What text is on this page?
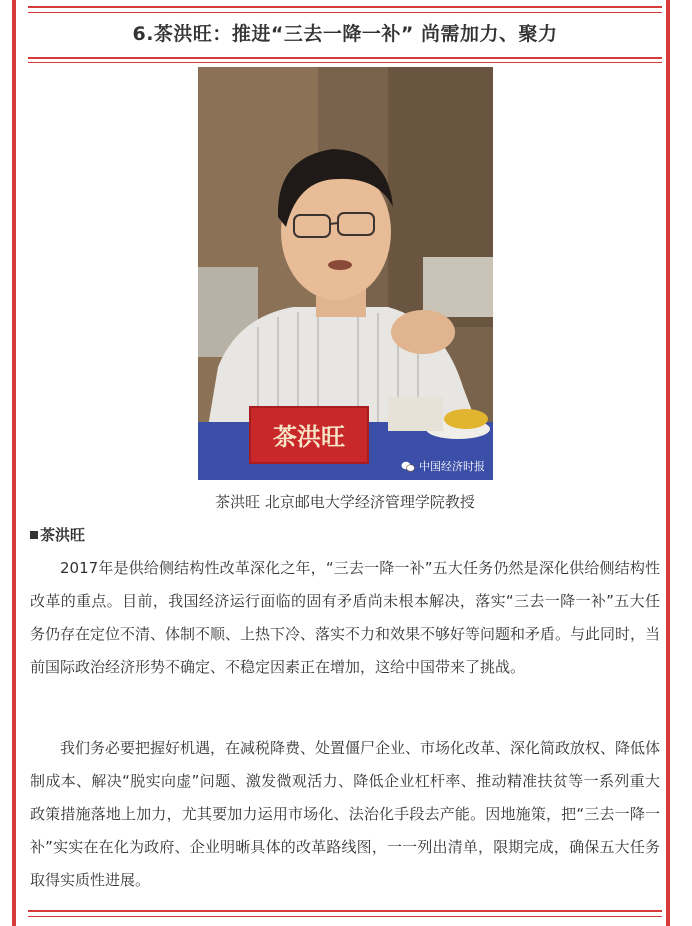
6.茶洪旺：推进“三去一降一补” 尚需加力、聚力
茶洪旺
中国经济时报
茶洪旺 北京邮电大学经济管理学院教授
茶洪旺

2017年是供给侧结构性改革深化之年，“三去一降一补”五大任务仍然是深化供给侧结构性改革的重点。目前，我国经济运行面临的固有矛盾尚未根本解决，落实“三去一降一补”五大任务仍存在定位不清、体制不顺、上热下冷、落实不力和效果不够好等问题和矛盾。与此同时，当前国际政治经济形势不确定、不稳定因素正在增加，这给中国带来了挑战。

我们务必要把握好机遇，在减税降费、处置僵尸企业、市场化改革、深化简政放权、降低体制成本、解决“脱实向虚”问题、激发微观活力、降低企业杠杆率、推动精准扶贫等一系列重大政策措施落地上加力，尤其要加力运用市场化、法治化手段去产能。因地施策，把“三去一降一补”实实在在化为政府、企业明晰具体的改革路线图，一一列出清单，限期完成，确保五大任务取得实质性进展。
